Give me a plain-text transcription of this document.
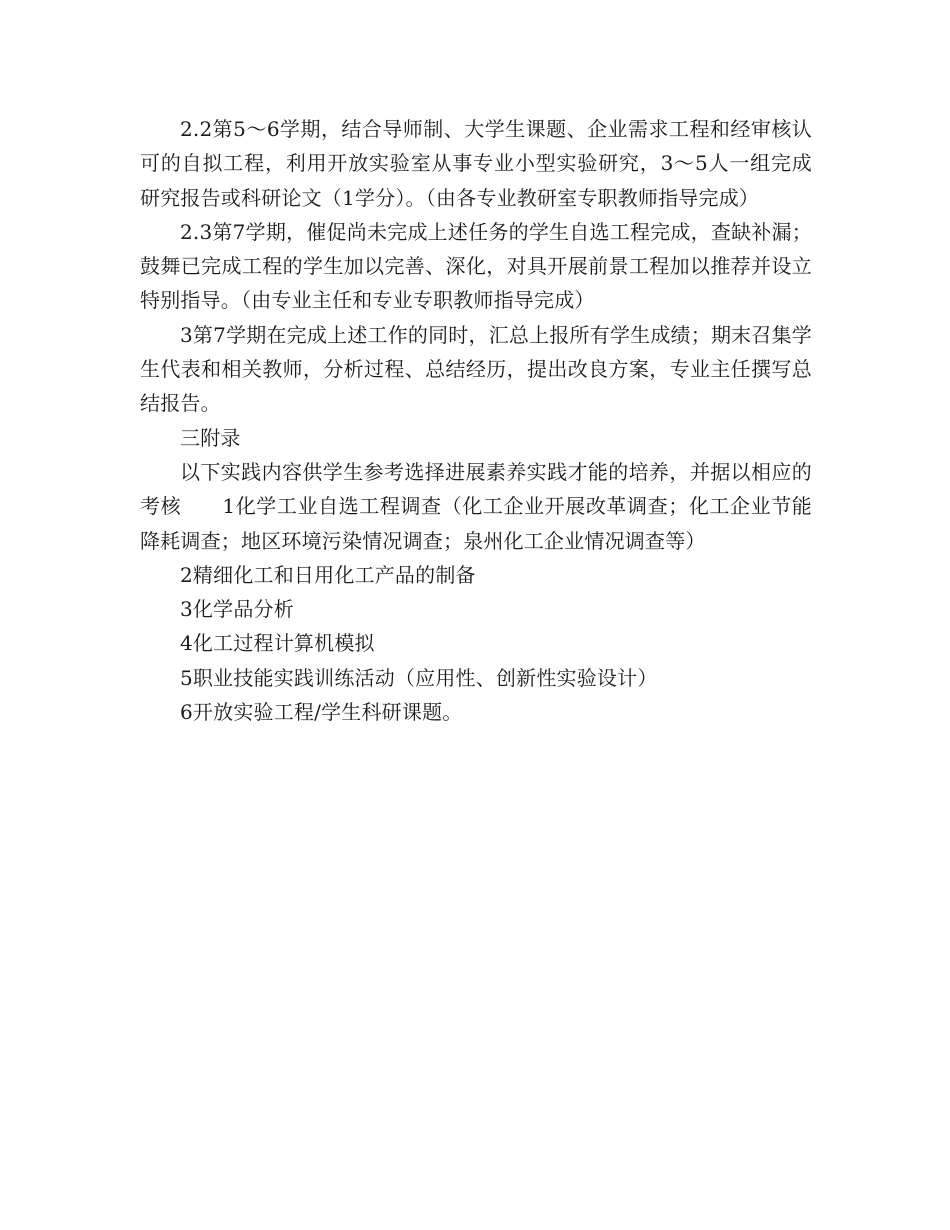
2.2第5～6学期，结合导师制、大学生课题、企业需求工程和经审核认可的自拟工程，利用开放实验室从事专业小型实验研究，3～5人一组完成研究报告或科研论文（1学分）。（由各专业教研室专职教师指导完成）

2.3第7学期，催促尚未完成上述任务的学生自选工程完成，查缺补漏；鼓舞已完成工程的学生加以完善、深化，对具开展前景工程加以推荐并设立特别指导。（由专业主任和专业专职教师指导完成）

3第7学期在完成上述工作的同时，汇总上报所有学生成绩；期末召集学生代表和相关教师，分析过程、总结经历，提出改良方案，专业主任撰写总结报告。

三附录

以下实践内容供学生参考选择进展素养实践才能的培养，并据以相应的考核　　1化学工业自选工程调查（化工企业开展改革调查；化工企业节能降耗调查；地区环境污染情况调查；泉州化工企业情况调查等）

2精细化工和日用化工产品的制备

3化学品分析

4化工过程计算机模拟

5职业技能实践训练活动（应用性、创新性实验设计）

6开放实验工程/学生科研课题。
